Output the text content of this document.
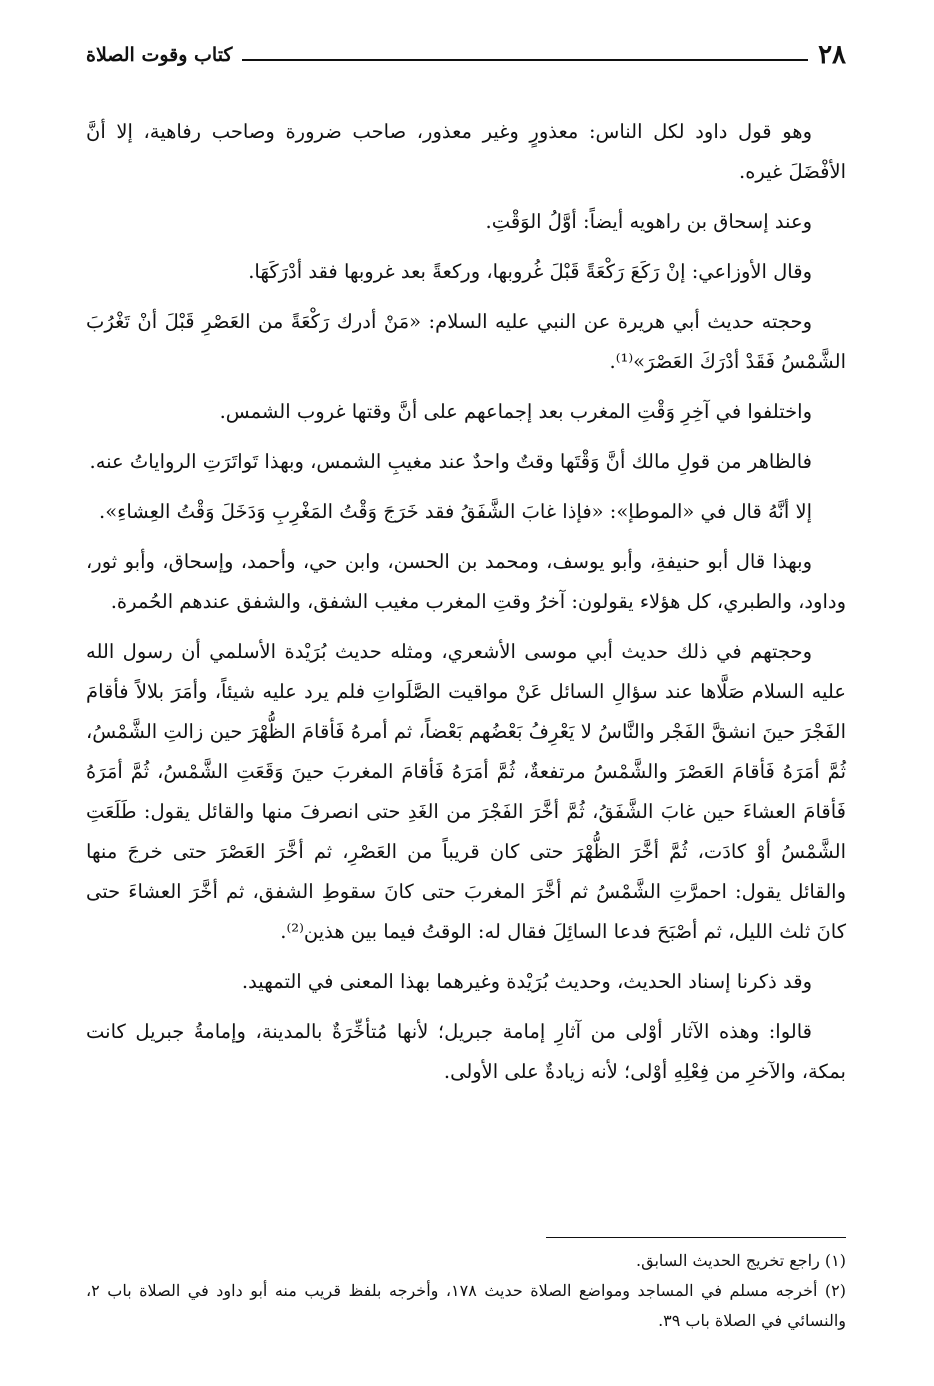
٢٨
كتاب وقوت الصلاة

وهو قول داود لكل الناس: معذورٍ وغير معذور، صاحب ضرورة وصاحب رفاهية، إلا أنَّ الأفْضَلَ غيره.

وعند إسحاق بن راهويه أيضاً: أوَّلُ الوَقْتِ.

وقال الأوزاعي: إنْ رَكَعَ رَكْعَةً قَبْلَ غُروبها، وركعةً بعد غروبها فقد أدْرَكَهَا.

وحجته حديث أبي هريرة عن النبي عليه السلام: «مَنْ أدرك رَكْعَةً من العَصْرِ قَبْلَ أنْ تَغْرُبَ الشَّمْسُ فَقَدْ أدْرَكَ العَصْرَ»⁽¹⁾.

واختلفوا في آخِرِ وَقْتِ المغرب بعد إجماعهم على أنَّ وقتها غروب الشمس.

فالظاهر من قولِ مالك أنَّ وَقْتَها وقتٌ واحدٌ عند مغيبِ الشمس، وبهذا تَواتَرَتِ الرواياتُ عنه.

إلا أنَّهُ قال في «الموطإ»: «فإذا غابَ الشَّفَقُ فقد خَرَجَ وَقْتُ المَغْرِبِ وَدَخَلَ وَقْتُ العِشاءِ».

وبهذا قال أبو حنيفةِ، وأبو يوسف، ومحمد بن الحسن، وابن حي، وأحمد، وإسحاق، وأبو ثور، وداود، والطبري، كل هؤلاء يقولون: آخرُ وقتِ المغرب مغيب الشفق، والشفق عندهم الحُمرة.

وحجتهم في ذلك حديث أبي موسى الأشعري، ومثله حديث بُرَيْدة الأسلمي أن رسول الله عليه السلام صَلَّاها عند سؤالِ السائل عَنْ مواقيت الصَّلَواتِ فلم يرد عليه شيئاً، وأمَرَ بلالاً فأقامَ الفَجْرَ حينَ انشقَّ الفَجْر والنَّاسُ لا يَعْرِفُ بَعْضُهم بَعْضاً، ثم أمرهُ فَأقامَ الظُّهْرَ حين زالتِ الشَّمْسُ، ثُمَّ أمَرَهُ فَأقامَ العَصْرَ والشَّمْسُ مرتفعةٌ، ثُمَّ أمَرَهُ فَأقامَ المغربَ حينَ وَقَعَتِ الشَّمْسُ، ثُمَّ أمَرَهُ فَأقامَ العشاءَ حين غابَ الشَّفَقُ، ثُمَّ أخَّرَ الفَجْرَ من الغَدِ حتى انصرفَ منها والقائل يقول: طَلَعَتِ الشَّمْسُ أوْ كادَت، ثُمَّ أخَّرَ الظُّهْرَ حتى كان قريباً من العَصْرِ، ثم أخَّرَ العَصْرَ حتى خرجَ منها والقائل يقول: احمرَّتِ الشَّمْسُ ثم أخَّرَ المغربَ حتى كانَ سقوطِ الشفق، ثم أخَّرَ العشاءَ حتى كانَ ثلث الليل، ثم أصْبَحَ فدعا السائِلَ فقال له: الوقتُ فيما بين هذين⁽²⁾.

وقد ذكرنا إسناد الحديث، وحديث بُرَيْدة وغيرهما بهذا المعنى في التمهيد.

قالوا: وهذه الآثار أوْلى من آثارِ إمامة جبريل؛ لأنها مُتأخِّرَةٌ بالمدينة، وإمامةُ جبريل كانت بمكة، والآخرِ من فِعْلِهِ أوْلى؛ لأنه زيادةٌ على الأولى.

(١) راجع تخريج الحديث السابق.

(٢) أخرجه مسلم في المساجد ومواضع الصلاة حديث ١٧٨، وأخرجه بلفظ قريب منه أبو داود في الصلاة باب ٢، والنسائي في الصلاة باب ٣٩.
